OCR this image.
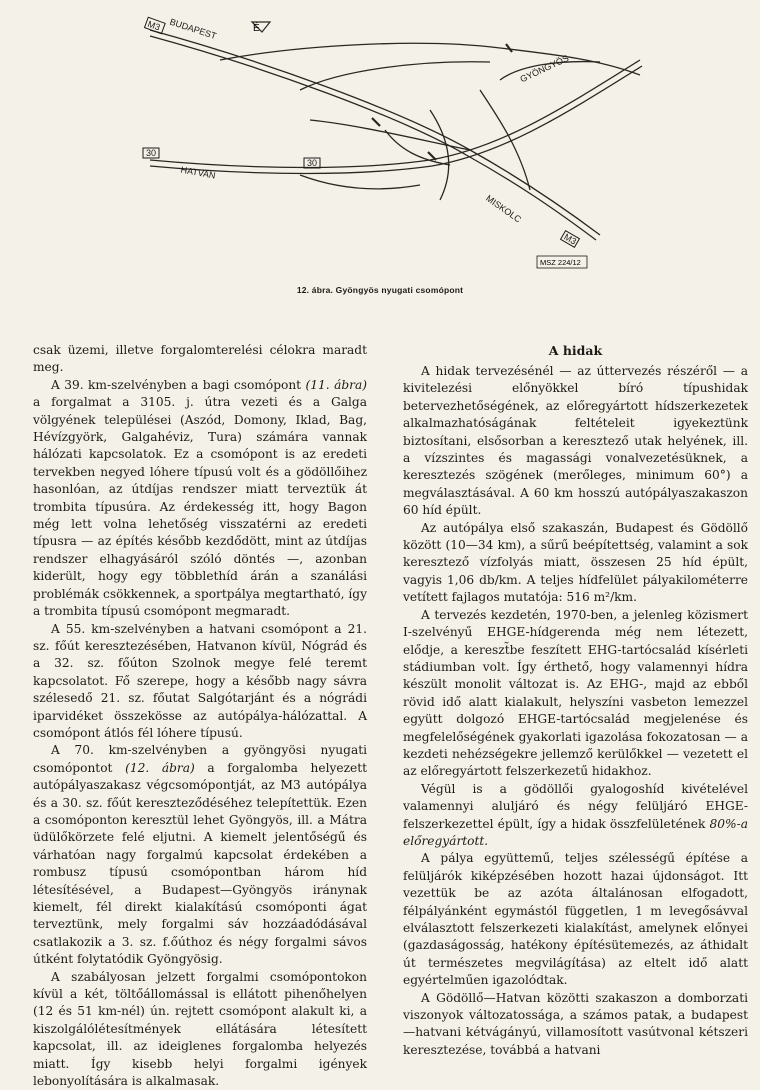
É
M3 BUDAPEST
GYÖNGYÖS
30
HATVAN
MISKOLC
M3
30
MSZ 224/12
12. ábra. Gyöngyös nyugati csomópont

csak üzemi, illetve forgalomterelési célokra maradt meg.

A 39. km-szelvényben a bagi csomópont (11. ábra) a forgalmat a 3105. j. útra vezeti és a Galga völgyének települései (Aszód, Domony, Iklad, Bag, Hévízgyörk, Galgahéviz, Tura) számára vannak hálózati kapcsolatok. Ez a csomópont is az eredeti tervekben negyed lóhere típusú volt és a gödöllőihez hasonlóan, az útdíjas rendszer miatt terveztük át trombita típusúra. Az érdekesség itt, hogy Bagon még lett volna lehetőség visszatérni az eredeti típusra — az építés később kezdődött, mint az útdíjas rendszer elhagyásáról szóló döntés —, azonban kiderült, hogy egy többlethíd árán a szanálási problémák csökkennek, a sportpálya megtartható, így a trombita típusú csomópont megmaradt.

A 55. km-szelvényben a hatvani csomópont a 21. sz. főút keresztezésében, Hatvanon kívül, Nógrád és a 32. sz. főúton Szolnok megye felé teremt kapcsolatot. Fő szerepe, hogy a később nagy sávra szélesedő 21. sz. főutat Salgótarjánt és a nógrádi iparvidéket összekösse az autópálya-hálózattal. A csomópont átlós fél lóhere típusú.

A 70. km-szelvényben a gyöngyösi nyugati csomópontot (12. ábra) a forgalomba helyezett autópályaszakasz végcsomópontját, az M3 autópálya és a 30. sz. főút kereszteződéséhez telepítettük. Ezen a csomóponton keresztül lehet Gyöngyös, ill. a Mátra üdülőkörzete felé eljutni. A kiemelt jelentőségű és várhatóan nagy forgalmú kapcsolat érdekében a rombusz típusú csomópontban három híd létesítésével, a Budapest—Gyöngyös iránynak kiemelt, fél direkt kialakítású csomóponti ágat terveztünk, mely forgalmi sáv hozzáadódásával csatlakozik a 3. sz. f.őúthoz és négy forgalmi sávos útként folytatódik Gyöngyösig.

A szabályosan jelzett forgalmi csomópontokon kívül a két, töltőállomással is ellátott pihenőhelyen (12 és 51 km-nél) ún. rejtett csomópont alakult ki, a kiszolgálólétesítmények ellátására létesített kapcsolat, ill. az ideiglenes forgalomba helyezés miatt. Így kisebb helyi forgalmi igények lebonyolítására is alkalmasak.

A hidak

A hidak tervezésénél — az úttervezés részéről — a kivitelezési előnyökkel bíró típushidak betervezhetőségének, az előregyártott hídszerkezetek alkalmazhatóságának feltételeit igyekeztünk biztosítani, elsősorban a keresztező utak helyének, ill. a vízszintes és magassági vonalvezetésüknek, a keresztezés szögének (merőleges, minimum 60°) a megválasztásával. A 60 km hosszú autópályaszakaszon 60 híd épült.

Az autópálya első szakaszán, Budapest és Gödöllő között (10—34 km), a sűrű beépítettség, valamint a sok keresztező vízfolyás miatt, összesen 25 híd épült, vagyis 1,06 db/km. A teljes hídfelület pályakilométerre vetített fajlagos mutatója: 516 m²/km.

A tervezés kezdetén, 1970-ben, a jelenleg közismert I-szelvényű EHGE-hídgerenda még nem létezett, elődje, a kereszt̃be feszített EHG-tartócsalád kísérleti stádiumban volt. Így érthető, hogy valamennyi hídra készült monolit változat is. Az EHG-, majd az ebből rövid idő alatt kialakult, helyszíni vasbeton lemezzel együtt dolgozó EHGE-tartócsalád megjelenése és megfelelőségének gyakorlati igazolása fokozatosan — a kezdeti nehézségekre jellemző kerülőkkel — vezetett el az előregyártott felszerkezetű hidakhoz.

Végül is a gödöllői gyalogoshíd kivételével valamennyi aluljáró és négy felüljáró EHGE-felszerkezettel épült, így a hidak összfelületének 80%-a előregyártott.

A pálya együttemű, teljes szélességű építése a felüljárók kiképzésében hozott hazai újdonságot. Itt vezettük be az azóta általánosan elfogadott, félpályánként egymástól független, 1 m levegősávval elválasztott felszerkezeti kialakítást, amelynek előnyei (gazdaságosság, hatékony építésütemezés, az áthidalt út természetes megvilágítása) az eltelt idő alatt egyértelműen igazolódtak.

A Gödöllő—Hatvan közötti szakaszon a domborzati viszonyok változatossága, a számos patak, a budapest—hatvani kétvágányú, villamosított vasútvonal kétszeri keresztezése, továbbá a hatvani
